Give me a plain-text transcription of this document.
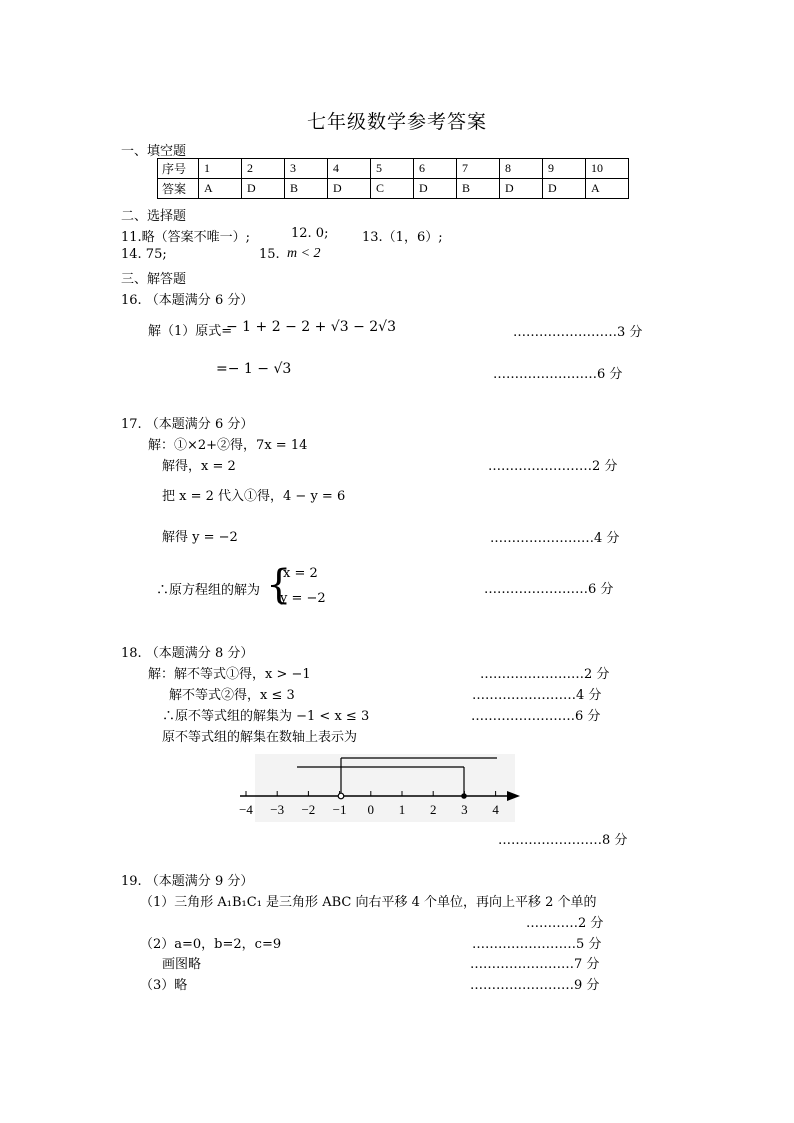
七年级数学参考答案
一、填空题
序号	1	2	3	4	5	6	7	8	9	10
答案	A	D	B	D	C	D	B	D	D	A
二、选择题
11.略（答案不唯一）;	12. 0;	13.（1，6）;
14. 75;	15. m < 2
三、解答题
16. （本题满分 6 分）
解（1）原式=
− 1 + 2 − 2 + √3 − 2√3	……………………3 分
=− 1 − √3	……………………6 分
17. （本题满分 6 分）
解：①×2+②得，7x = 14
解得，x = 2	……………………2 分
把 x = 2 代入①得，4 − y = 6
解得 y = −2	……………………4 分
∴原方程组的解为 {
x = 2
y = −2
……………………6 分
18. （本题满分 8 分）
解：解不等式①得，x > −1	……………………2 分
解不等式②得，x ≤ 3	……………………4 分
∴原不等式组的解集为 −1 < x ≤ 3	……………………6 分
原不等式组的解集在数轴上表示为
−4 −3 −2 −1 0 1 2 3 4
……………………8 分
19. （本题满分 9 分）
（1）三角形 A₁B₁C₁ 是三角形 ABC 向右平移 4 个单位，再向上平移 2 个单的
…………2 分
（2）a=0，b=2，c=9	……………………5 分
画图略	……………………7 分
（3）略	……………………9 分
